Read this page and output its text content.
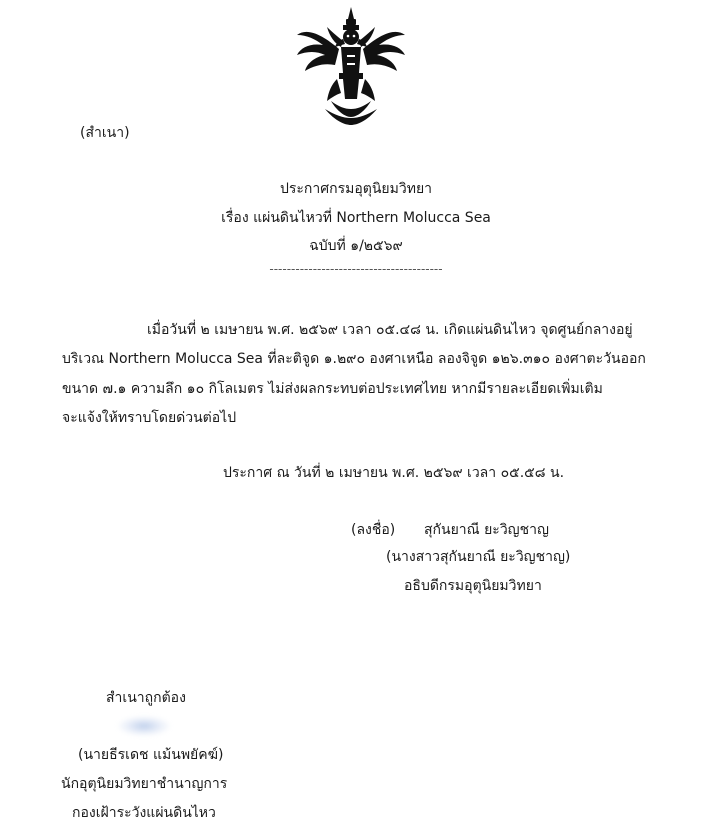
(สำเนา)
ประกาศกรมอุตุนิยมวิทยา
เรื่อง แผ่นดินไหวที่ Northern Molucca Sea
ฉบับที่ ๑/๒๕๖๙
----------------------------------------
เมื่อวันที่ ๒ เมษายน พ.ศ. ๒๕๖๙ เวลา ๐๕.๔๘ น. เกิดแผ่นดินไหว จุดศูนย์กลางอยู่
บริเวณ Northern Molucca Sea ที่ละติจูด ๑.๒๙๐ องศาเหนือ ลองจิจูด ๑๒๖.๓๑๐ องศาตะวันออก
ขนาด ๗.๑ ความลึก ๑๐ กิโลเมตร ไม่ส่งผลกระทบต่อประเทศไทย หากมีรายละเอียดเพิ่มเติม
จะแจ้งให้ทราบโดยด่วนต่อไป
ประกาศ ณ วันที่ ๒ เมษายน พ.ศ. ๒๕๖๙ เวลา ๐๕.๕๘ น.
(ลงชื่อ) สุกันยาณี ยะวิญชาญ
(นางสาวสุกันยาณี ยะวิญชาญ)
อธิบดีกรมอุตุนิยมวิทยา
สำเนาถูกต้อง
(นายธีรเดช แม้นพยัคฆ์)
นักอุตุนิยมวิทยาชำนาญการ
กองเฝ้าระวังแผ่นดินไหว
